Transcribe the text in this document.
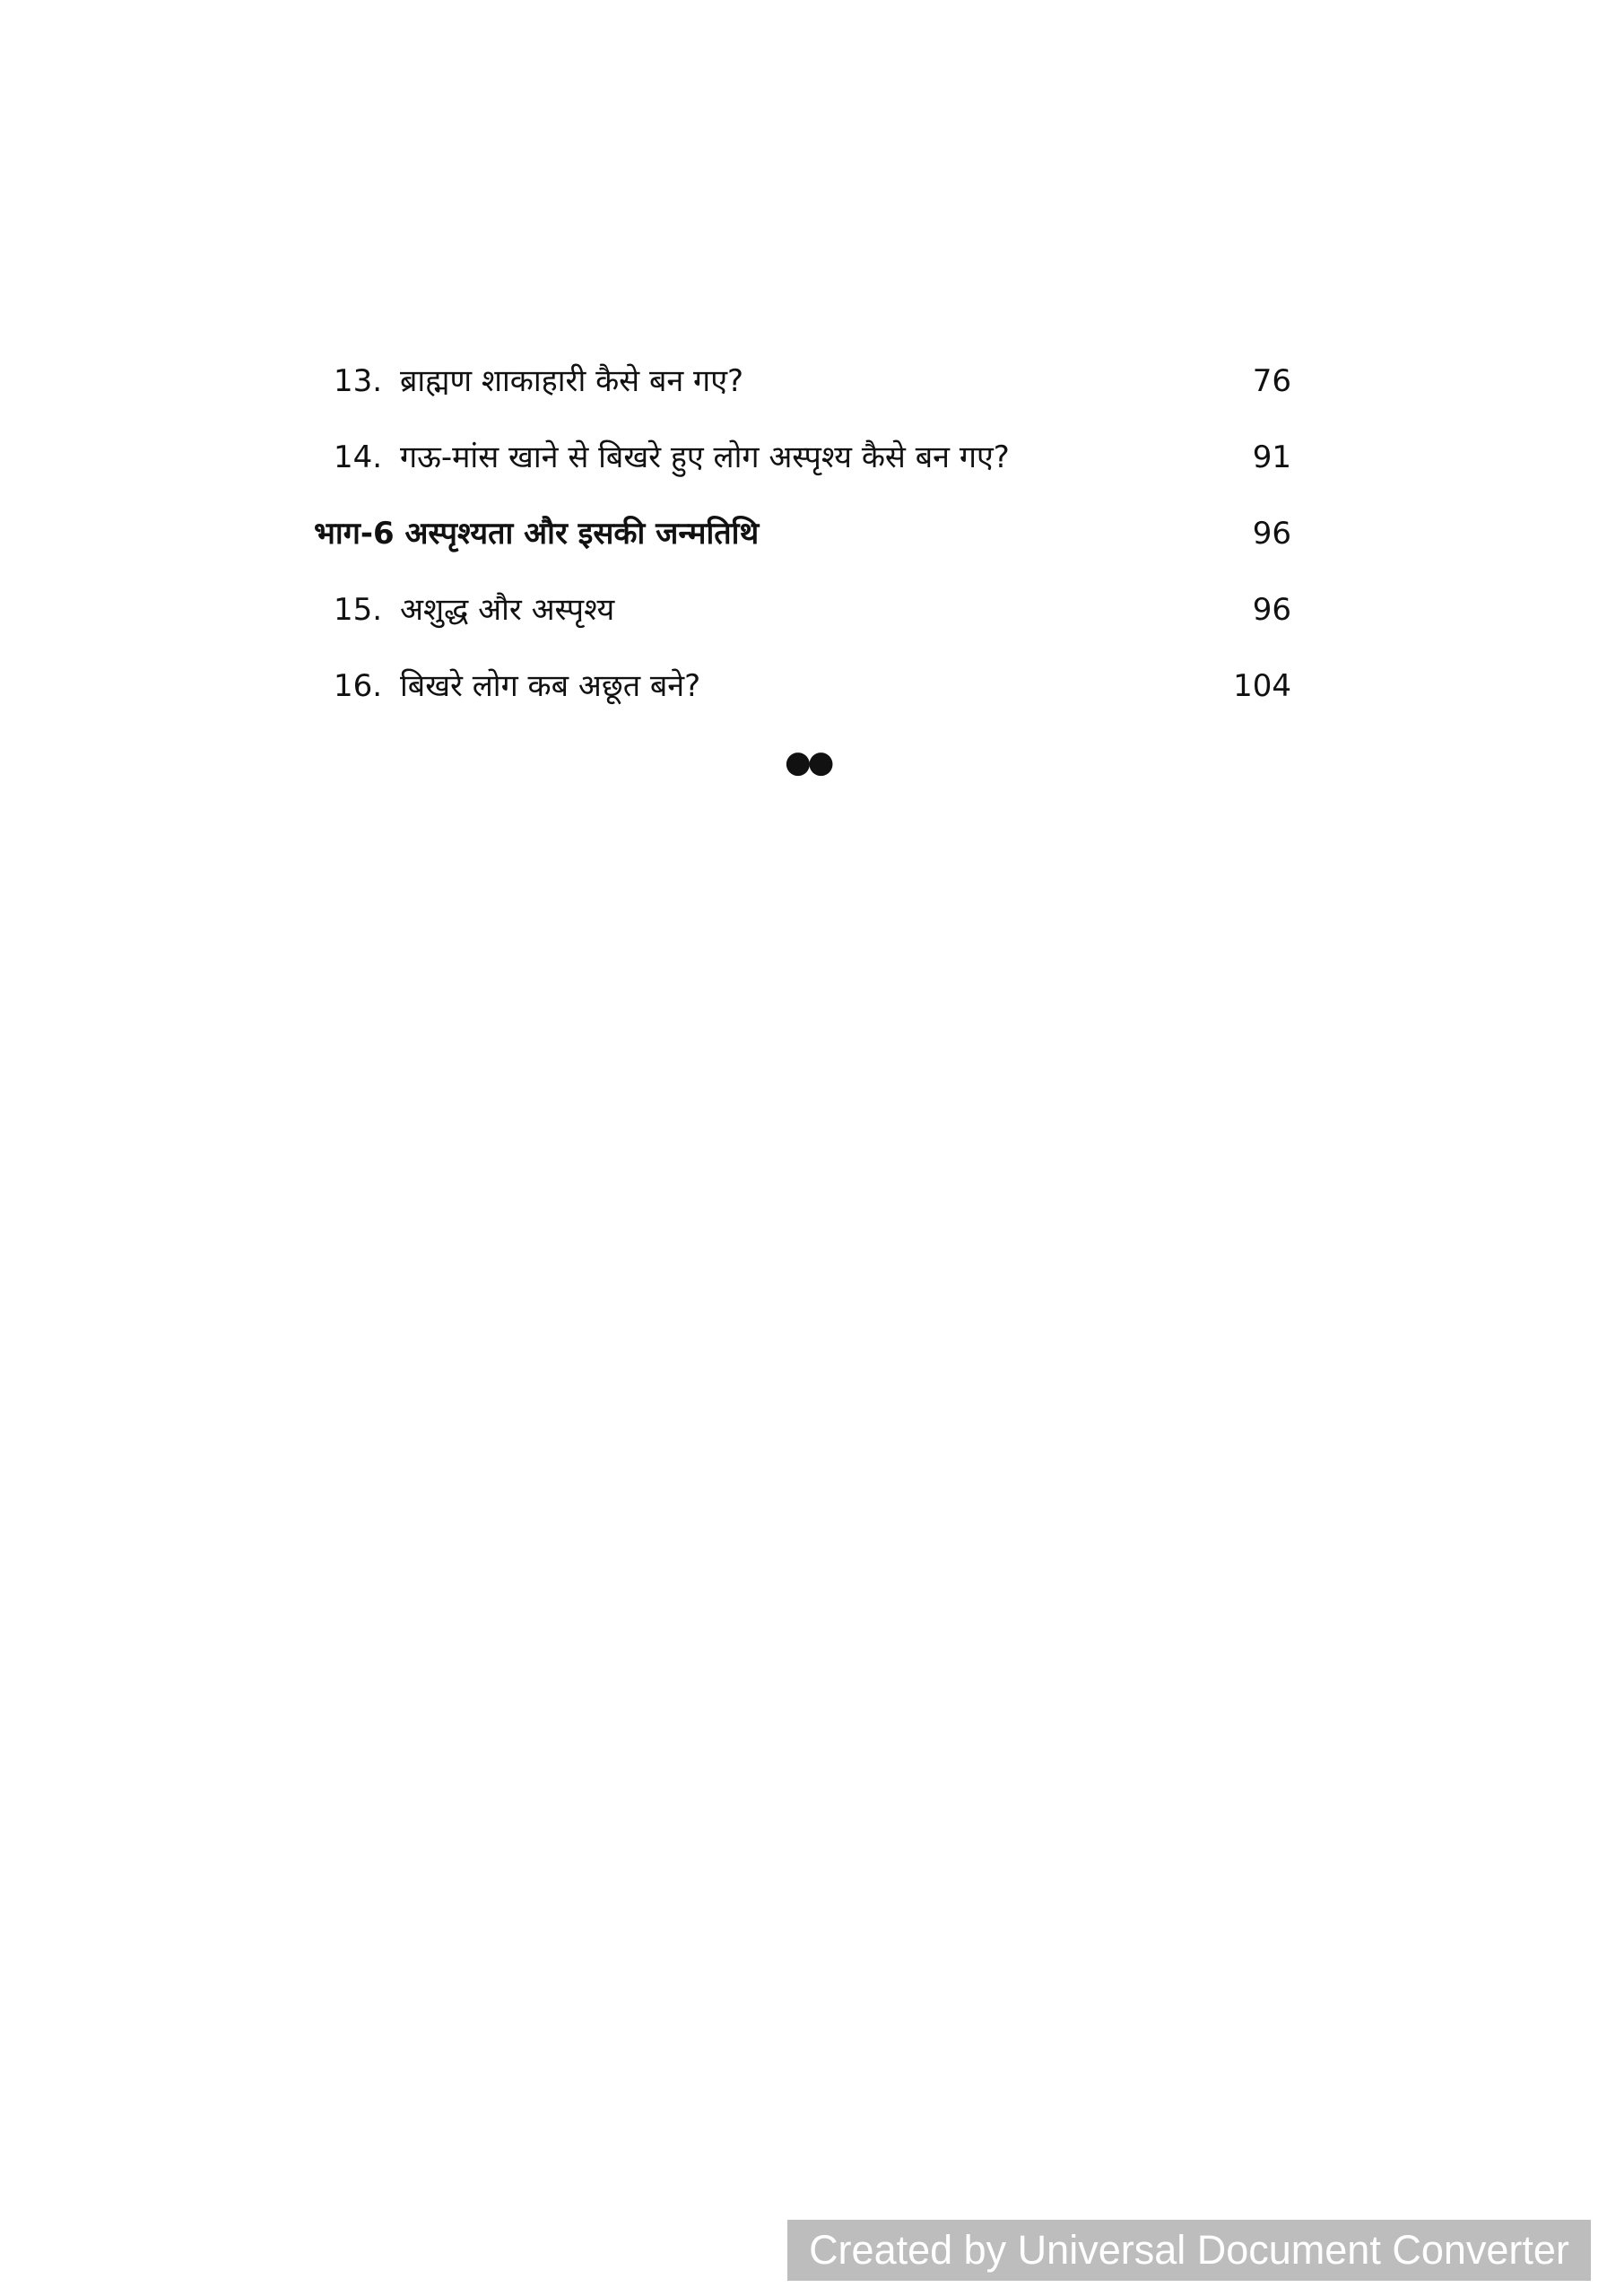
13. ब्राह्मण शाकाहारी कैसे बन गए?	76
14. गऊ-मांस खाने से बिखरे हुए लोग अस्पृश्य कैसे बन गए?	91
भाग-6 अस्पृश्यता और इसकी जन्मतिथि	96
15. अशुद्ध और अस्पृश्य	96
16. बिखरे लोग कब अछूत बने?	104
●●
Created by Universal Document Converter
